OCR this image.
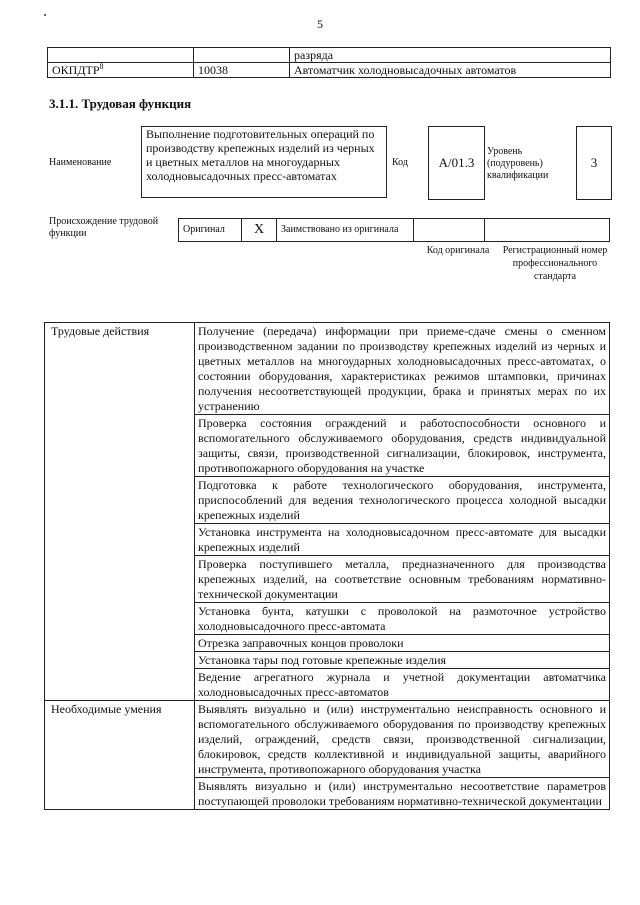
5
		разряда
ОКПДТР$^8$	10038	Автоматчик холодновысадочных автоматов
3.1.1. Трудовая функция
Наименование
Выполнение подготовительных операций по производству крепежных изделий из черных и цветных металлов на многоударных холодновысадочных пресс-автоматах
Код	A/01.3
Уровень (подуровень) квалификации
3
Происхождение трудовой функции	Оригинал	X	Заимствовано из оригинала		
Код оригинала Регистрационный номер профессионального стандарта
Трудовые действия	Получение (передача) информации при приеме-сдаче смены о сменном производственном задании по производству крепежных изделий из черных и цветных металлов на многоударных холодновысадочных пресс-автоматах, о состоянии оборудования, характеристиках режимов штамповки, причинах получения несоответствующей продукции, брака и принятых мерах по их устранению
	Проверка состояния ограждений и работоспособности основного и вспомогательного обслуживаемого оборудования, средств индивидуальной защиты, связи, производственной сигнализации, блокировок, инструмента, противопожарного оборудования на участке
	Подготовка к работе технологического оборудования, инструмента, приспособлений для ведения технологического процесса холодной высадки крепежных изделий
	Установка инструмента на холодновысадочном пресс-автомате для высадки крепежных изделий
	Проверка поступившего металла, предназначенного для производства крепежных изделий, на соответствие основным требованиям нормативно-технической документации
	Установка бунта, катушки с проволокой на размоточное устройство холодновысадочного пресс-автомата
	Отрезка заправочных концов проволоки
	Установка тары под готовые крепежные изделия
	Ведение агрегатного журнала и учетной документации автоматчика холодновысадочных пресс-автоматов
Необходимые умения	Выявлять визуально и (или) инструментально неисправность основного и вспомогательного обслуживаемого оборудования по производству крепежных изделий, ограждений, средств связи, производственной сигнализации, блокировок, средств коллективной и индивидуальной защиты, аварийного инструмента, противопожарного оборудования участка
	Выявлять визуально и (или) инструментально несоответствие параметров поступающей проволоки требованиям нормативно-технической документации
